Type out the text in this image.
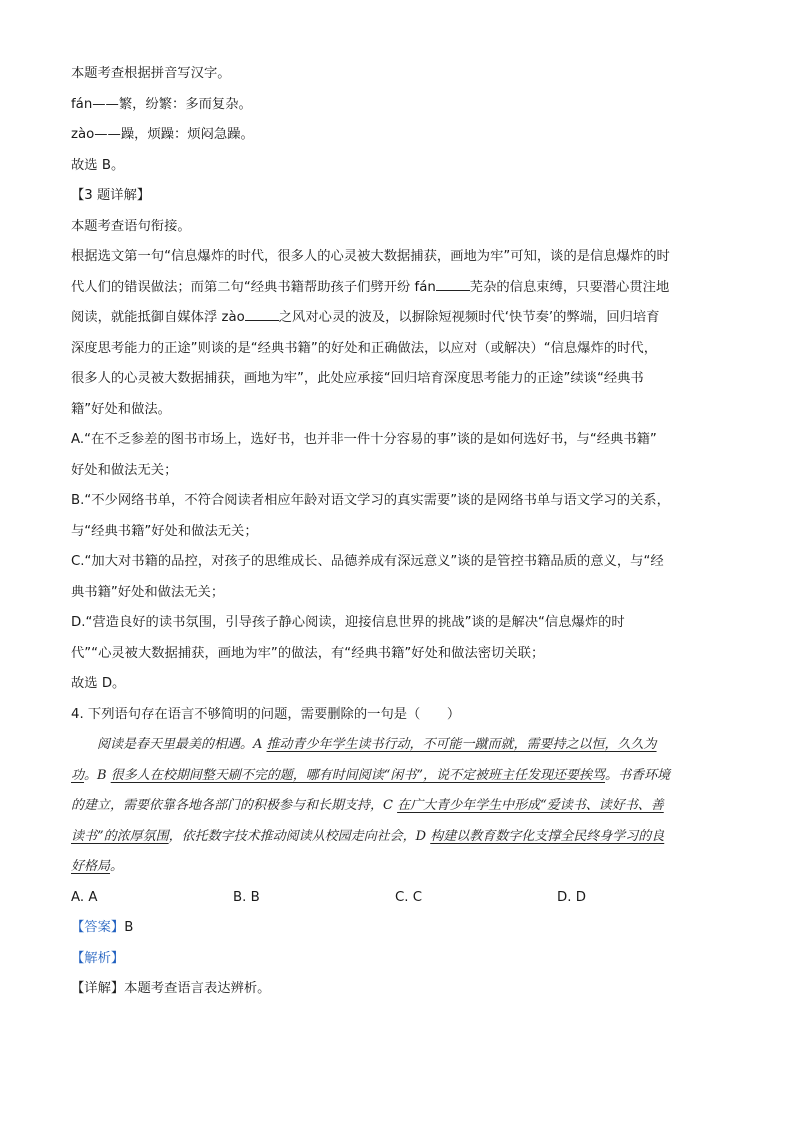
本题考查根据拼音写汉字。
fán——繁，纷繁：多而复杂。
zào——躁，烦躁：烦闷急躁。
故选 B。
【3 题详解】
本题考查语句衔接。
根据选文第一句“信息爆炸的时代，很多人的心灵被大数据捕获，画地为牢”可知，谈的是信息爆炸的时
代人们的错误做法；而第二句“经典书籍帮助孩子们劈开纷 fán	芜杂的信息束缚，只要潜心贯注地
阅读，就能抵御自媒体浮 zào	之风对心灵的波及，以摒除短视频时代‘快节奏’的弊端，回归培育
深度思考能力的正途”则谈的是“经典书籍”的好处和正确做法，以应对（或解决）“信息爆炸的时代，
很多人的心灵被大数据捕获，画地为牢”，此处应承接“回归培育深度思考能力的正途”续谈“经典书
籍”好处和做法。
A.“在不乏参差的图书市场上，选好书，也并非一件十分容易的事”谈的是如何选好书，与“经典书籍”
好处和做法无关；
B.“不少网络书单，不符合阅读者相应年龄对语文学习的真实需要”谈的是网络书单与语文学习的关系，
与“经典书籍”好处和做法无关；
C.“加大对书籍的品控，对孩子的思维成长、品德养成有深远意义”谈的是管控书籍品质的意义，与“经
典书籍”好处和做法无关；
D.“营造良好的读书氛围，引导孩子静心阅读，迎接信息世界的挑战”谈的是解决“信息爆炸的时
代”“心灵被大数据捕获，画地为牢”的做法，有“经典书籍”好处和做法密切关联；
故选 D。
4. 下列语句存在语言不够简明的问题，需要删除的一句是（　　）
阅读是春天里最美的相遇。A 推动青少年学生读书行动，不可能一蹴而就，需要持之以恒，久久为
功。B 很多人在校期间整天刷不完的题，哪有时间阅读“闲书”，说不定被班主任发现还要挨骂。书香环境
的建立，需要依靠各地各部门的积极参与和长期支持，C 在广大青少年学生中形成“爱读书、读好书、善
读书”的浓厚氛围，依托数字技术推动阅读从校园走向社会，D 构建以教育数字化支撑全民终身学习的良
好格局。
A. A	B. B	C. C	D. D
【答案】B
【解析】
【详解】本题考查语言表达辨析。
